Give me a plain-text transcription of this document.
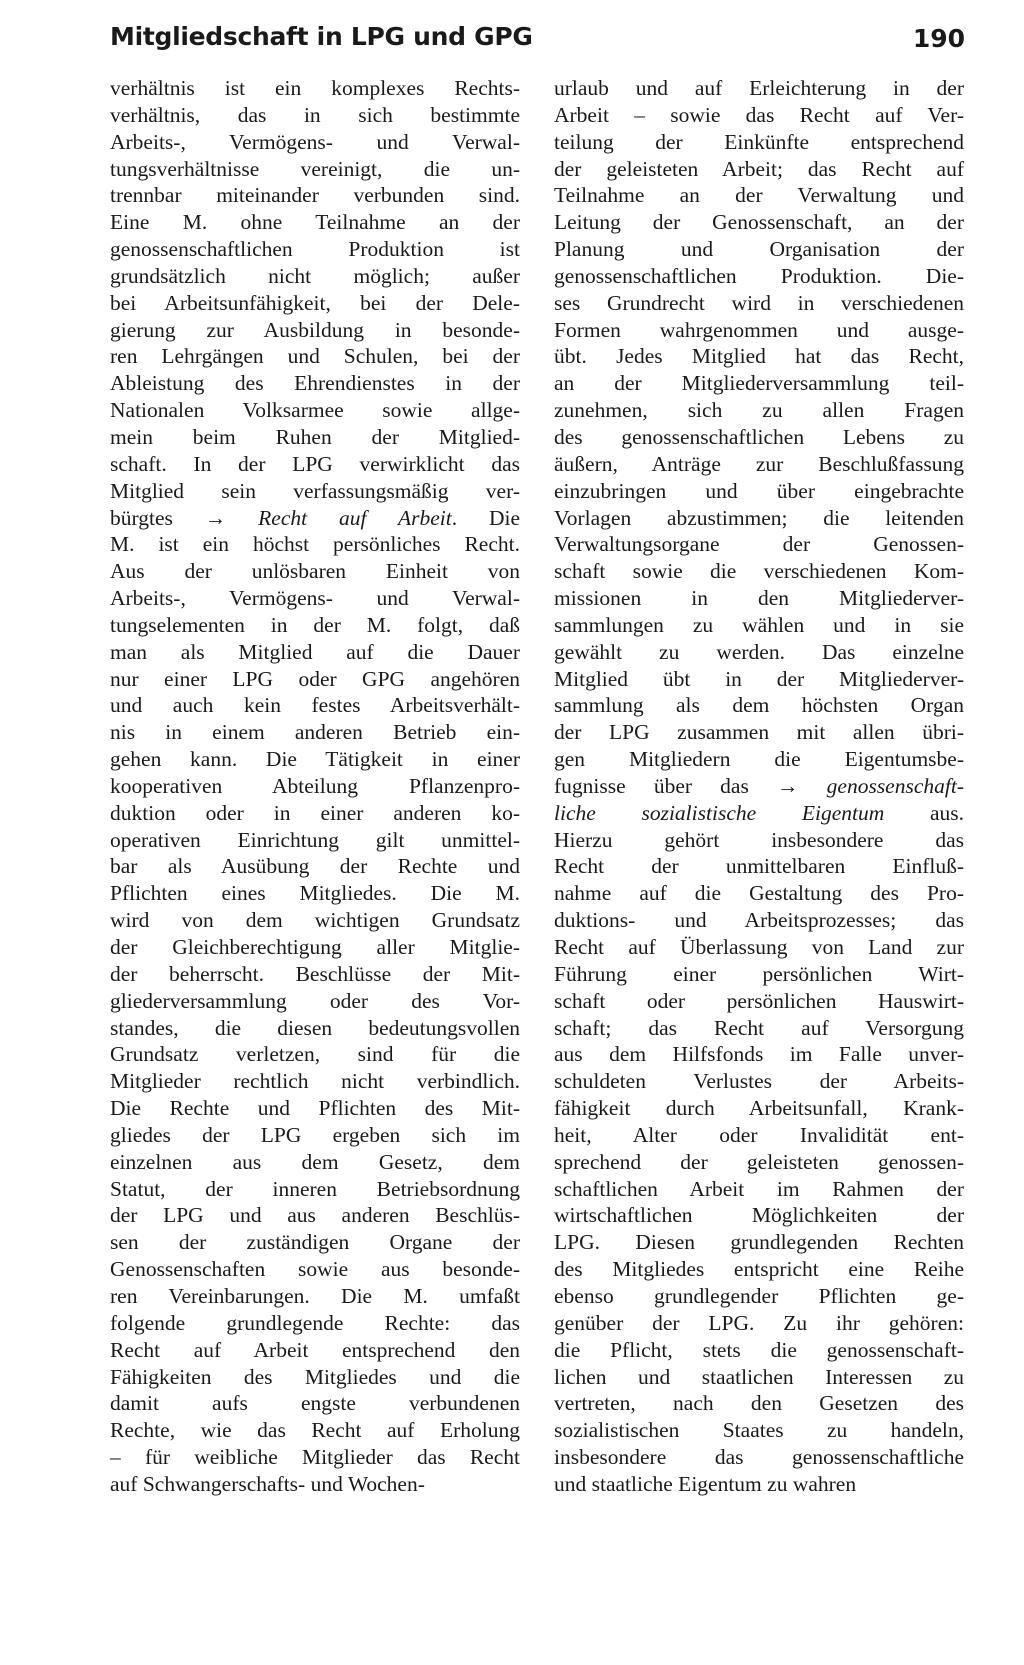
Mitgliedschaft in LPG und GPG	190
verhältnis ist ein komplexes Rechts-
verhältnis, das in sich bestimmte
Arbeits-, Vermögens- und Verwal-
tungsverhältnisse vereinigt, die un-
trennbar miteinander verbunden sind.
Eine M. ohne Teilnahme an der
genossenschaftlichen Produktion ist
grundsätzlich nicht möglich; außer
bei Arbeitsunfähigkeit, bei der Dele-
gierung zur Ausbildung in besonde-
ren Lehrgängen und Schulen, bei der
Ableistung des Ehrendienstes in der
Nationalen Volksarmee sowie allge-
mein beim Ruhen der Mitglied-
schaft. In der LPG verwirklicht das
Mitglied sein verfassungsmäßig ver-
bürgtes → Recht auf Arbeit. Die
M. ist ein höchst persönliches Recht.
Aus der unlösbaren Einheit von
Arbeits-, Vermögens- und Verwal-
tungselementen in der M. folgt, daß
man als Mitglied auf die Dauer
nur einer LPG oder GPG angehören
und auch kein festes Arbeitsverhält-
nis in einem anderen Betrieb ein-
gehen kann. Die Tätigkeit in einer
kooperativen Abteilung Pflanzenpro-
duktion oder in einer anderen ko-
operativen Einrichtung gilt unmittel-
bar als Ausübung der Rechte und
Pflichten eines Mitgliedes. Die M.
wird von dem wichtigen Grundsatz
der Gleichberechtigung aller Mitglie-
der beherrscht. Beschlüsse der Mit-
gliederversammlung oder des Vor-
standes, die diesen bedeutungsvollen
Grundsatz verletzen, sind für die
Mitglieder rechtlich nicht verbindlich.
Die Rechte und Pflichten des Mit-
gliedes der LPG ergeben sich im
einzelnen aus dem Gesetz, dem
Statut, der inneren Betriebsordnung
der LPG und aus anderen Beschlüs-
sen der zuständigen Organe der
Genossenschaften sowie aus besonde-
ren Vereinbarungen. Die M. umfaßt
folgende grundlegende Rechte: das
Recht auf Arbeit entsprechend den
Fähigkeiten des Mitgliedes und die
damit aufs engste verbundenen
Rechte, wie das Recht auf Erholung
– für weibliche Mitglieder das Recht
auf Schwangerschafts- und Wochen-
urlaub und auf Erleichterung in der
Arbeit – sowie das Recht auf Ver-
teilung der Einkünfte entsprechend
der geleisteten Arbeit; das Recht auf
Teilnahme an der Verwaltung und
Leitung der Genossenschaft, an der
Planung und Organisation der
genossenschaftlichen Produktion. Die-
ses Grundrecht wird in verschiedenen
Formen wahrgenommen und ausge-
übt. Jedes Mitglied hat das Recht,
an der Mitgliederversammlung teil-
zunehmen, sich zu allen Fragen
des genossenschaftlichen Lebens zu
äußern, Anträge zur Beschlußfassung
einzubringen und über eingebrachte
Vorlagen abzustimmen; die leitenden
Verwaltungsorgane der Genossen-
schaft sowie die verschiedenen Kom-
missionen in den Mitgliederver-
sammlungen zu wählen und in sie
gewählt zu werden. Das einzelne
Mitglied übt in der Mitgliederver-
sammlung als dem höchsten Organ
der LPG zusammen mit allen übri-
gen Mitgliedern die Eigentumsbe-
fugnisse über das → genossenschaft-
liche sozialistische Eigentum aus.
Hierzu gehört insbesondere das
Recht der unmittelbaren Einfluß-
nahme auf die Gestaltung des Pro-
duktions- und Arbeitsprozesses; das
Recht auf Überlassung von Land zur
Führung einer persönlichen Wirt-
schaft oder persönlichen Hauswirt-
schaft; das Recht auf Versorgung
aus dem Hilfsfonds im Falle unver-
schuldeten Verlustes der Arbeits-
fähigkeit durch Arbeitsunfall, Krank-
heit, Alter oder Invalidität ent-
sprechend der geleisteten genossen-
schaftlichen Arbeit im Rahmen der
wirtschaftlichen Möglichkeiten der
LPG. Diesen grundlegenden Rechten
des Mitgliedes entspricht eine Reihe
ebenso grundlegender Pflichten ge-
genüber der LPG. Zu ihr gehören:
die Pflicht, stets die genossenschaft-
lichen und staatlichen Interessen zu
vertreten, nach den Gesetzen des
sozialistischen Staates zu handeln,
insbesondere das genossenschaftliche
und staatliche Eigentum zu wahren
